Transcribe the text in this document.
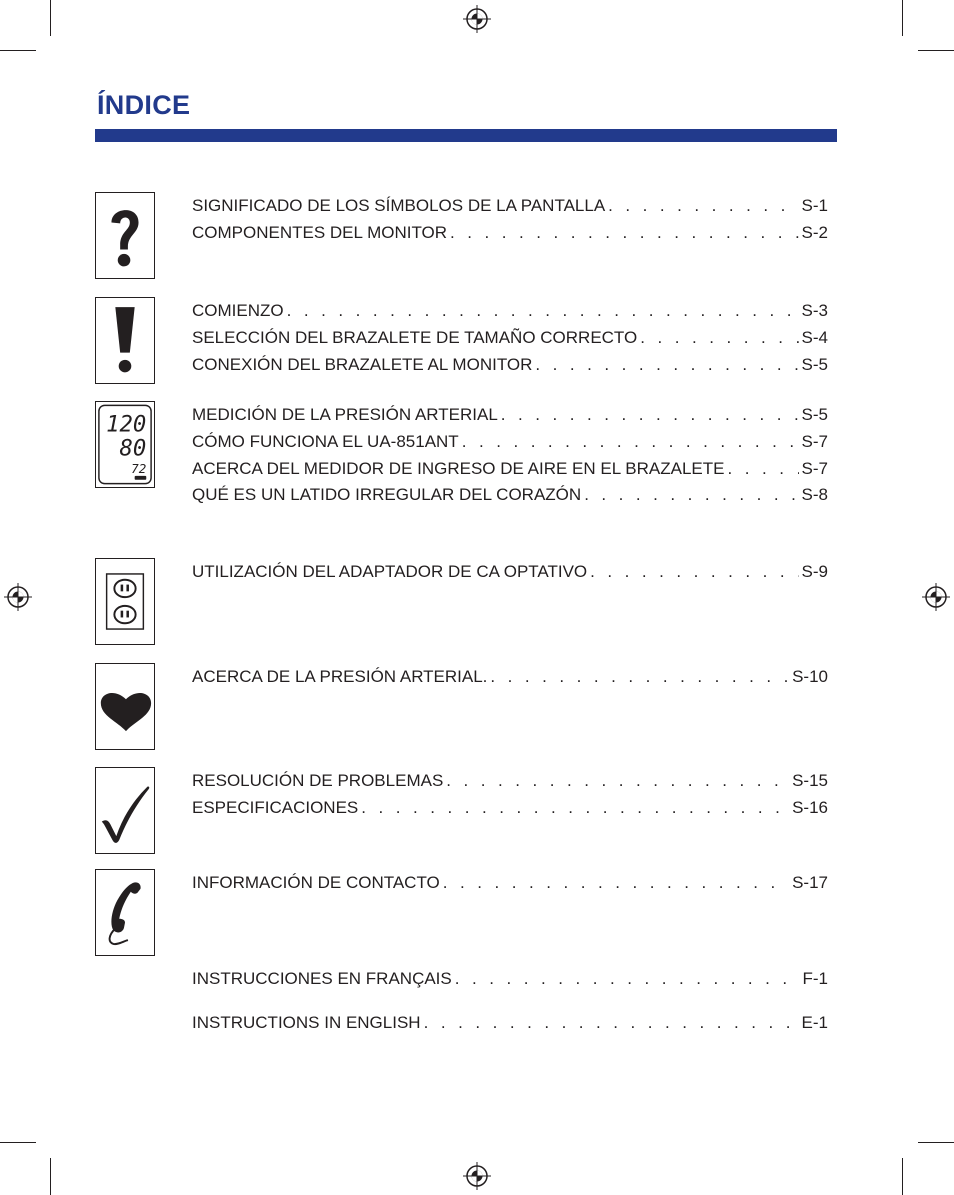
ÍNDICE
120
80
72
SIGNIFICADO DE LOS SÍMBOLOS DE LA PANTALLA . . .	S-1
COMPONENTES DEL MONITOR . . .	S-2
COMIENZO . . .	S-3
SELECCIÓN DEL BRAZALETE DE TAMAÑO CORRECTO . . .	S-4
CONEXIÓN DEL BRAZALETE AL MONITOR . . .	S-5
MEDICIÓN DE LA PRESIÓN ARTERIAL . . .	S-5
CÓMO FUNCIONA EL UA-851ANT . . .	S-7
ACERCA DEL MEDIDOR DE INGRESO DE AIRE EN EL BRAZALETE . . .	S-7
QUÉ ES UN LATIDO IRREGULAR DEL CORAZÓN . . .	S-8
UTILIZACIÓN DEL ADAPTADOR DE CA OPTATIVO . . .	S-9
ACERCA DE LA PRESIÓN ARTERIAL. . . .	S-10
RESOLUCIÓN DE PROBLEMAS . . .	S-15
ESPECIFICACIONES . . .	S-16
INFORMACIÓN DE CONTACTO . . .	S-17
INSTRUCCIONES EN FRANÇAIS . . .	F-1
INSTRUCTIONS IN ENGLISH . . .	E-1
